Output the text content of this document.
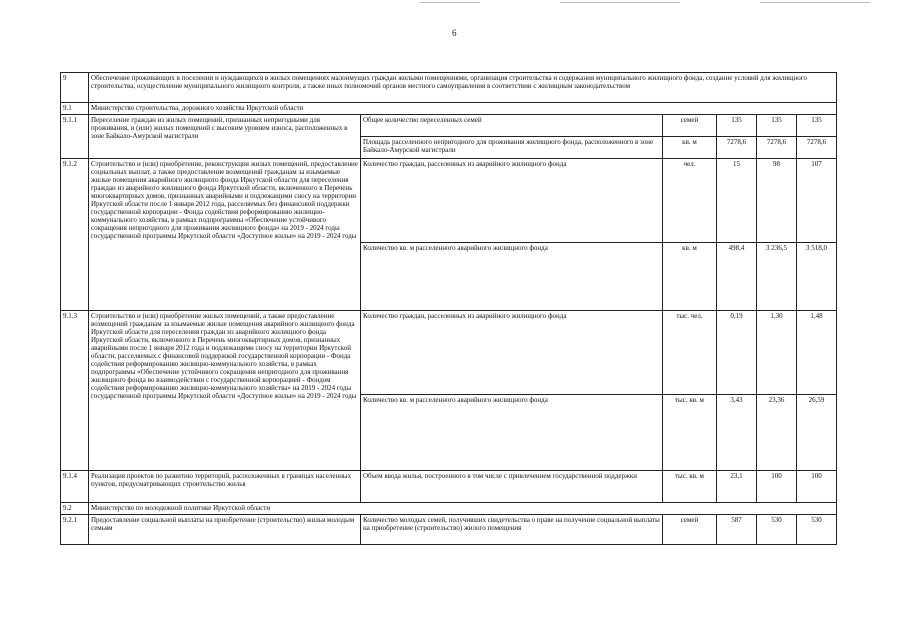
6
9	Обеспечение проживающих в поселении и нуждающихся в жилых помещениях малоимущих граждан жилыми помещениями, организация строительства и содержания муниципального жилищного фонда, создание условий для жилищного строительства, осуществление муниципального жилищного контроля, а также иных полномочий органов местного самоуправления в соответствии с жилищным законодательством					
9.1	Министерство строительства, дорожного хозяйства Иркутской области					
9.1.1	Переселение граждан из жилых помещений, признанных непригодными для проживания, и (или) жилых помещений с высоким уровнем износа, расположенных в зоне Байкало-Амурской магистрали	Общее количество переселенных семей	семей	135	135	135
		Площадь расселенного непригодного для проживания жилищного фонда, расположенного в зоне Байкало-Амурской магистрали	кв. м	7278,6	7278,6	7278,6
9.1.2	Строительство и (или) приобретение, реконструкция жилых помещений, предоставление социальных выплат, а также предоставление возмещений гражданам за изымаемые жилые помещения аварийного жилищного фонда Иркутской области для переселения граждан из аварийного жилищного фонда Иркутской области, включенного в Перечень многоквартирных домов, признанных аварийными и подлежащими сносу на территории Иркутской области после 1 января 2012 года, расселяемых без финансовой поддержки государственной корпорации - Фонда содействия реформированию жилищно-коммунального хозяйства, в рамках подпрограммы «Обеспечение устойчивого сокращения непригодного для проживания жилищного фонда» на 2019 - 2024 годы государственной программы Иркутской области «Доступное жилье» на 2019 - 2024 годы	Количество граждан, расселенных из аварийного жилищного фонда	чел.	15	98	107
		Количество кв. м расселенного аварийного жилищного фонда	кв. м	498,4	3 236,5	3 518,0
9.1.3	Строительство и (или) приобретение жилых помещений, а также предоставление возмещений гражданам за изымаемые жилые помещения аварийного жилищного фонда Иркутской области для переселения граждан из аварийного жилищного фонда Иркутской области, включенного в Перечень многоквартирных домов, признанных аварийными после 1 января 2012 года и подлежащими сносу на территории Иркутской области, расселяемых с финансовой поддержкой государственной корпорации - Фонда содействия реформированию жилищно-коммунального хозяйства, в рамках подпрограммы «Обеспечение устойчивого сокращения непригодного для проживания жилищного фонда во взаимодействии с государственной корпорацией - Фондом содействия реформированию жилищно-коммунального хозяйства» на 2019 - 2024 годы государственной программы Иркутской области «Доступное жилье» на 2019 - 2024 годы	Количество граждан, расселенных из аварийного жилищного фонда	тыс. чел.	0,19	1,30	1,48
		Количество кв. м расселенного аварийного жилищного фонда	тыс. кв. м	3,43	23,36	26,59
9.1.4	Реализация проектов по развитию территорий, расположенных в границах населенных пунктов, предусматривающих строительство жилья	Объем ввода жилья, построенного в том числе с привлечением государственной поддержки	тыс. кв. м	23,1	100	100
9.2	Министерство по молодежной политике Иркутской области					
9.2.1	Предоставление социальной выплаты на приобретение (строительство) жилья молодым семьям	Количество молодых семей, получивших свидетельства о праве на получение социальной выплаты на приобретение (строительство) жилого помещения	семей	587	530	530
